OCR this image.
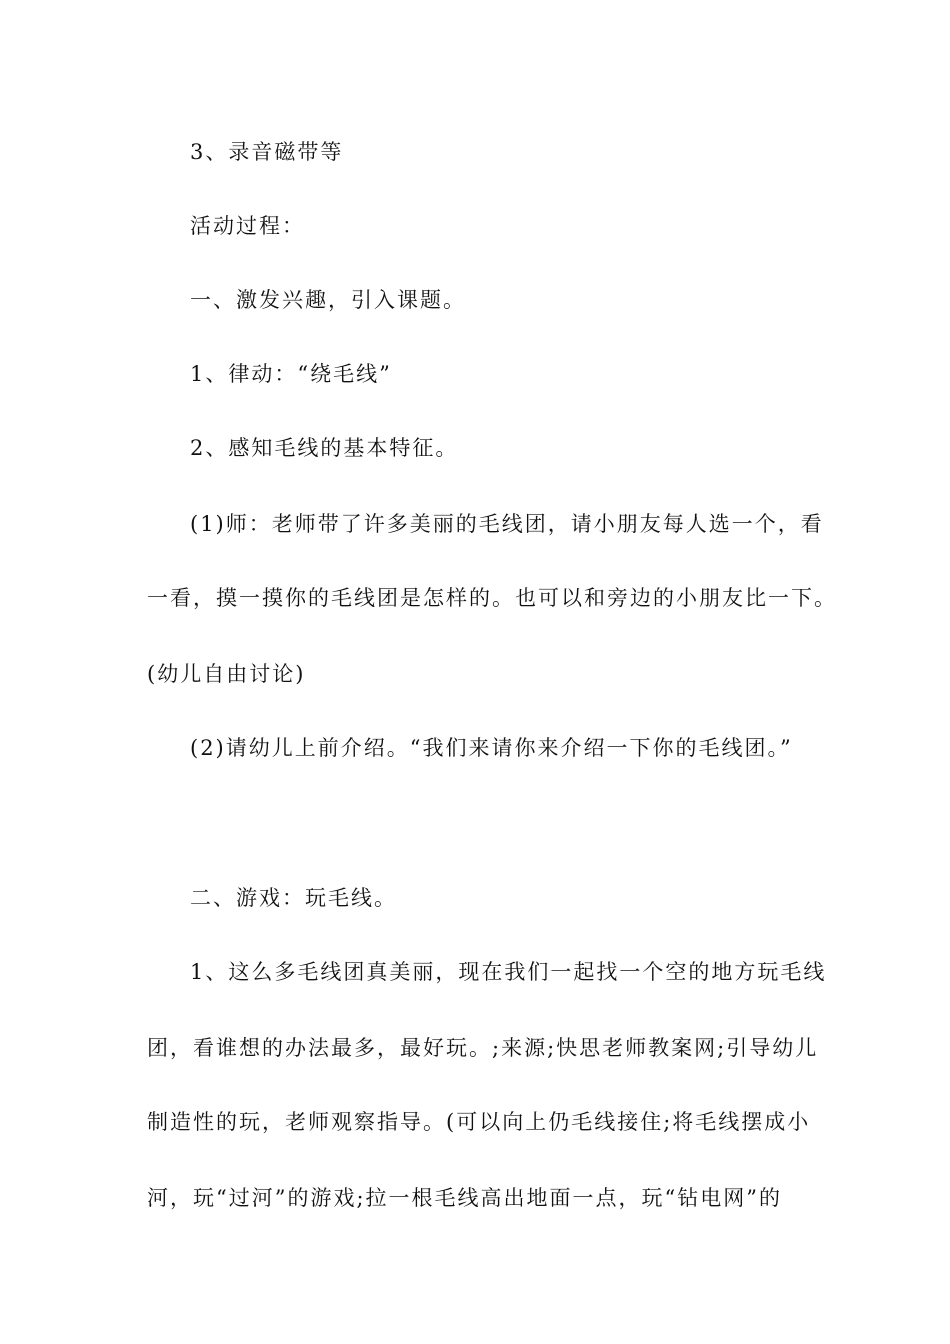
3、录音磁带等
活动过程：
一、激发兴趣，引入课题。
1、律动：“绕毛线”
2、感知毛线的基本特征。
(1)师：老师带了许多美丽的毛线团，请小朋友每人选一个，看
一看，摸一摸你的毛线团是怎样的。也可以和旁边的小朋友比一下。
(幼儿自由讨论)
(2)请幼儿上前介绍。“我们来请你来介绍一下你的毛线团。”
二、游戏：玩毛线。
1、这么多毛线团真美丽，现在我们一起找一个空的地方玩毛线
团，看谁想的办法最多，最好玩。;来源;快思老师教案网;引导幼儿
制造性的玩，老师观察指导。(可以向上仍毛线接住;将毛线摆成小
河，玩“过河”的游戏;拉一根毛线高出地面一点，玩“钻电网”的
